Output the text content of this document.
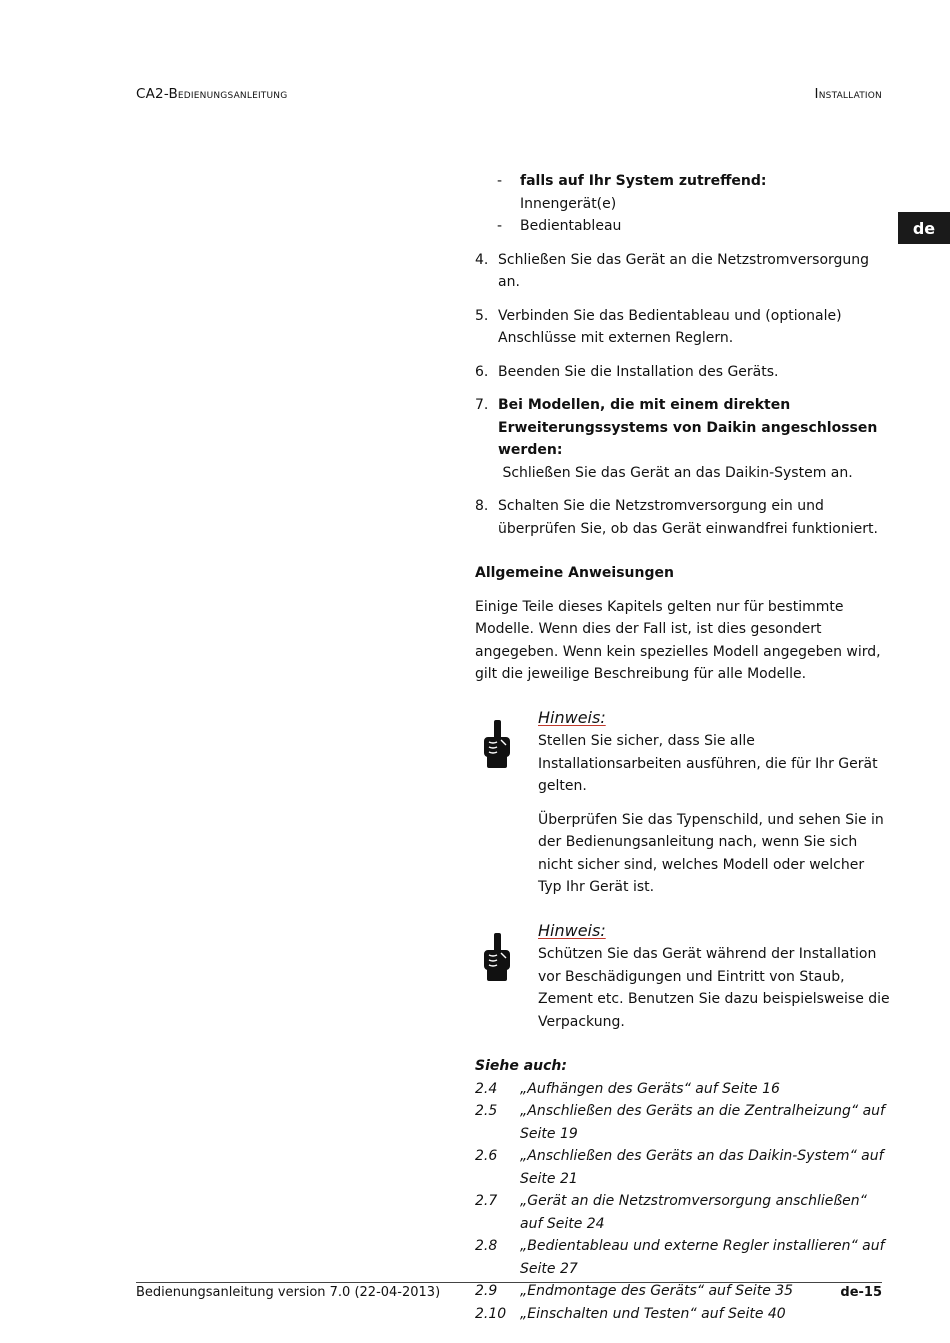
CA2-Bedienungsanleitung	Installation
de
- falls auf Ihr System zutreffend:
Innengerät(e)
- Bedientableau
4. Schließen Sie das Gerät an die Netzstromversorgung an.
5. Verbinden Sie das Bedientableau und (optionale) Anschlüsse mit externen Reglern.
6. Beenden Sie die Installation des Geräts.
7. Bei Modellen, die mit einem direkten Erweiterungssystems von Daikin angeschlossen werden:
Schließen Sie das Gerät an das Daikin-System an.
8. Schalten Sie die Netzstromversorgung ein und überprüfen Sie, ob das Gerät einwandfrei funktioniert.
Allgemeine Anweisungen
Einige Teile dieses Kapitels gelten nur für bestimmte Modelle. Wenn dies der Fall ist, ist dies gesondert angegeben. Wenn kein spezielles Modell angegeben wird, gilt die jeweilige Beschreibung für alle Modelle.
Hinweis:
Stellen Sie sicher, dass Sie alle Installationsarbeiten ausführen, die für Ihr Gerät gelten.
Überprüfen Sie das Typenschild, und sehen Sie in der Bedienungsanleitung nach, wenn Sie sich nicht sicher sind, welches Modell oder welcher Typ Ihr Gerät ist.
Hinweis:
Schützen Sie das Gerät während der Installation vor Beschädigungen und Eintritt von Staub, Zement etc. Benutzen Sie dazu beispielsweise die Verpackung.
Siehe auch:
2.4 „Aufhängen des Geräts“ auf Seite 16
2.5 „Anschließen des Geräts an die Zentralheizung“ auf Seite 19
2.6 „Anschließen des Geräts an das Daikin-System“ auf Seite 21
2.7 „Gerät an die Netzstromversorgung anschließen“ auf Seite 24
2.8 „Bedientableau und externe Regler installieren“ auf Seite 27
2.9 „Endmontage des Geräts“ auf Seite 35
2.10 „Einschalten und Testen“ auf Seite 40
Bedienungsanleitung version 7.0 (22-04-2013)	de-15
